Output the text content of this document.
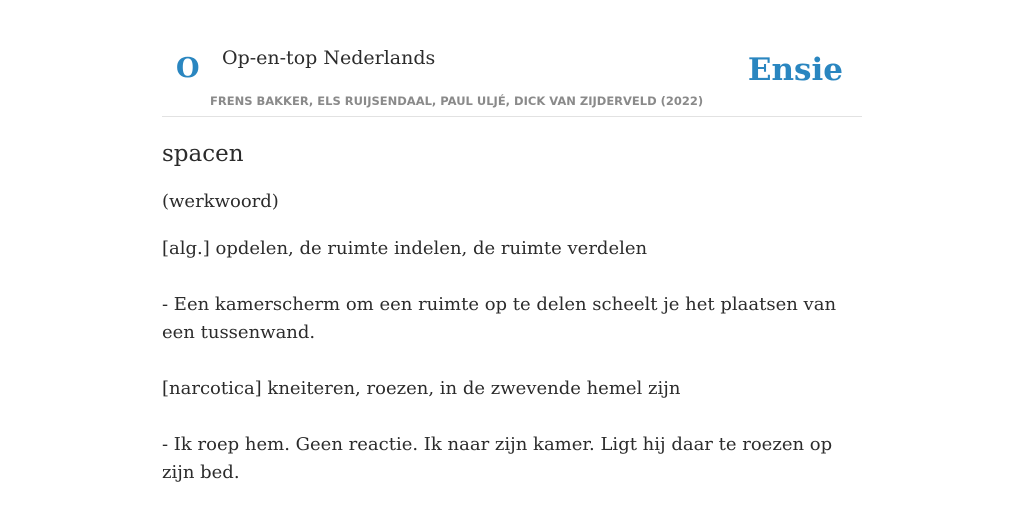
O Op-en-top Nederlands
FRENS BAKKER, ELS RUIJSENDAAL, PAUL ULJÉ, DICK VAN ZIJDERVELD (2022)
Ensie
spacen
(werkwoord)
[alg.] opdelen, de ruimte indelen, de ruimte verdelen
- Een kamerscherm om een ruimte op te delen scheelt je het plaatsen van een tussenwand.
[narcotica] kneiteren, roezen, in de zwevende hemel zijn
- Ik roep hem. Geen reactie. Ik naar zijn kamer. Ligt hij daar te roezen op zijn bed.
